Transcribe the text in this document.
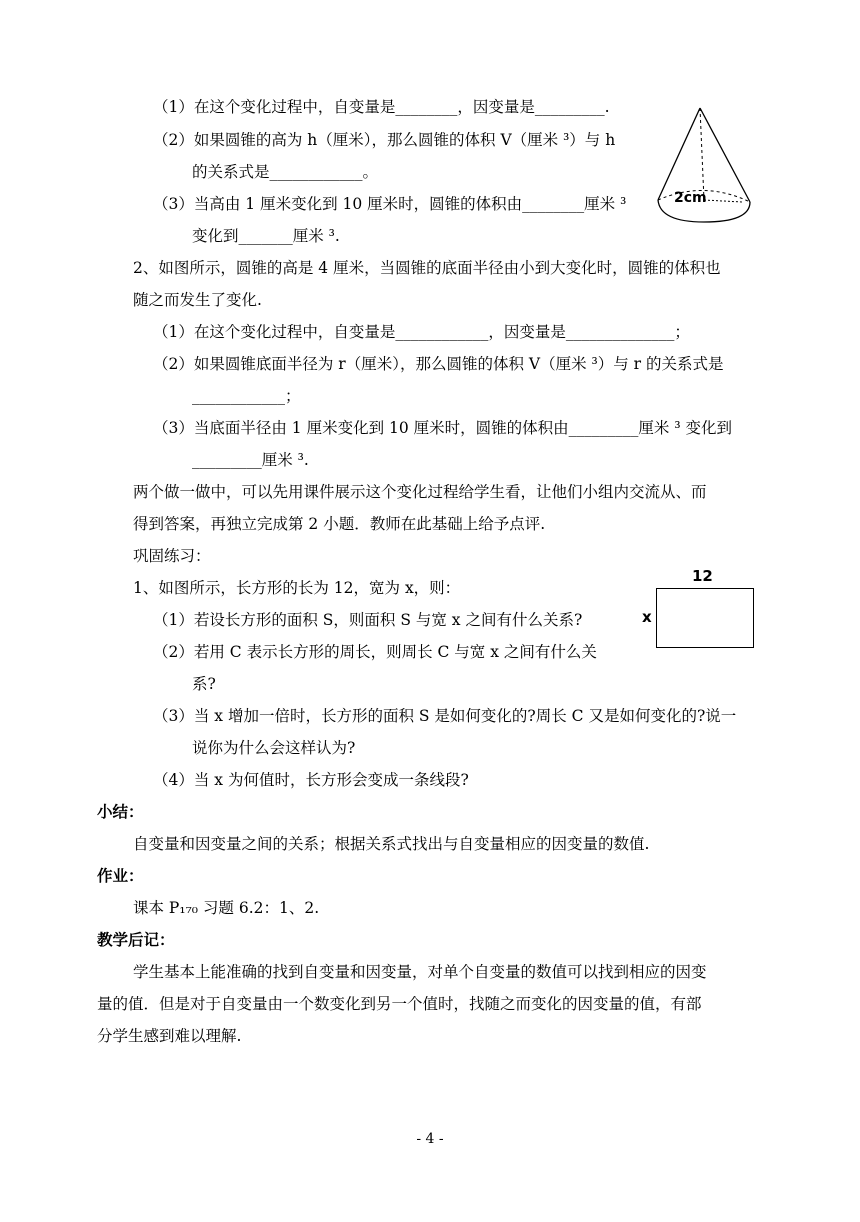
（1）在这个变化过程中，自变量是________，因变量是_________.
（2）如果圆锥的高为 h（厘米），那么圆锥的体积 V（厘米 ³）与 h
的关系式是____________。
（3）当高由 1 厘米变化到 10 厘米时，圆锥的体积由________厘米 ³
变化到_______厘米 ³.
2、如图所示，圆锥的高是 4 厘米，当圆锥的底面半径由小到大变化时，圆锥的体积也
随之而发生了变化.
（1）在这个变化过程中，自变量是____________，因变量是______________；
（2）如果圆锥底面半径为 r（厘米），那么圆锥的体积 V（厘米 ³）与 r 的关系式是
____________；
（3）当底面半径由 1 厘米变化到 10 厘米时，圆锥的体积由_________厘米 ³ 变化到
_________厘米 ³.
两个做一做中，可以先用课件展示这个变化过程给学生看，让他们小组内交流从、而
得到答案，再独立完成第 2 小题．教师在此基础上给予点评.
巩固练习：
1、如图所示，长方形的长为 12，宽为 x，则：
（1）若设长方形的面积 S，则面积 S 与宽 x 之间有什么关系?
（2）若用 C 表示长方形的周长，则周长 C 与宽 x 之间有什么关
系?
（3）当 x 增加一倍时，长方形的面积 S 是如何变化的?周长 C 又是如何变化的?说一
说你为什么会这样认为?
（4）当 x 为何值时，长方形会变成一条线段?
小结：
自变量和因变量之间的关系；根据关系式找出与自变量相应的因变量的数值.
作业：
课本 P₁₇₀ 习题 6.2：1、2.
教学后记：
学生基本上能准确的找到自变量和因变量，对单个自变量的数值可以找到相应的因变
量的值．但是对于自变量由一个数变化到另一个值时，找随之而变化的因变量的值，有部
分学生感到难以理解.
2cm
12
x
- 4 -
